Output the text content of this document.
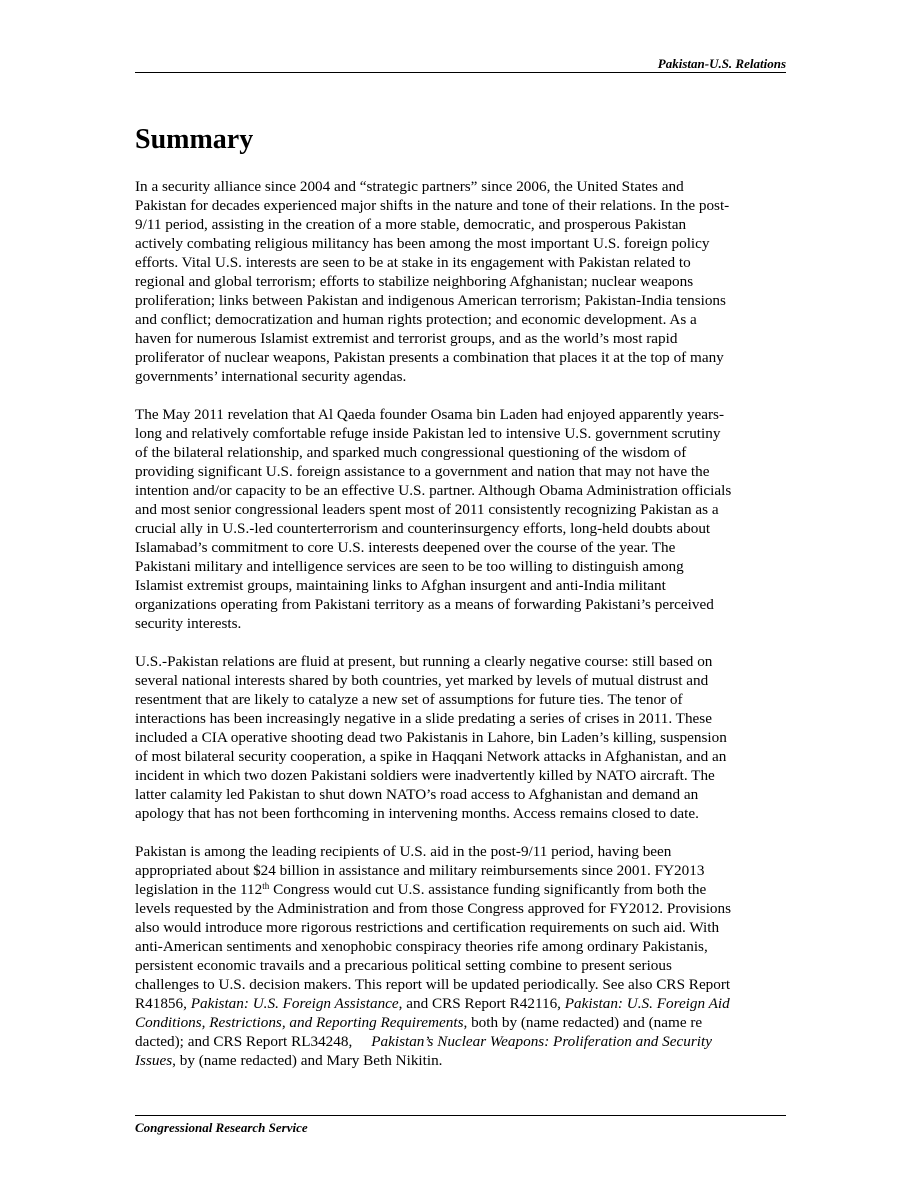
Pakistan-U.S. Relations
Summary

In a security alliance since 2004 and “strategic partners” since 2006, the United States and
Pakistan for decades experienced major shifts in the nature and tone of their relations. In the post-
9/11 period, assisting in the creation of a more stable, democratic, and prosperous Pakistan
actively combating religious militancy has been among the most important U.S. foreign policy
efforts. Vital U.S. interests are seen to be at stake in its engagement with Pakistan related to
regional and global terrorism; efforts to stabilize neighboring Afghanistan; nuclear weapons
proliferation; links between Pakistan and indigenous American terrorism; Pakistan-India tensions
and conflict; democratization and human rights protection; and economic development. As a
haven for numerous Islamist extremist and terrorist groups, and as the world’s most rapid
proliferator of nuclear weapons, Pakistan presents a combination that places it at the top of many
governments’ international security agendas.

The May 2011 revelation that Al Qaeda founder Osama bin Laden had enjoyed apparently years-
long and relatively comfortable refuge inside Pakistan led to intensive U.S. government scrutiny
of the bilateral relationship, and sparked much congressional questioning of the wisdom of
providing significant U.S. foreign assistance to a government and nation that may not have the
intention and/or capacity to be an effective U.S. partner. Although Obama Administration officials
and most senior congressional leaders spent most of 2011 consistently recognizing Pakistan as a
crucial ally in U.S.-led counterterrorism and counterinsurgency efforts, long-held doubts about
Islamabad’s commitment to core U.S. interests deepened over the course of the year. The
Pakistani military and intelligence services are seen to be too willing to distinguish among
Islamist extremist groups, maintaining links to Afghan insurgent and anti-India militant
organizations operating from Pakistani territory as a means of forwarding Pakistani’s perceived
security interests.

U.S.-Pakistan relations are fluid at present, but running a clearly negative course: still based on
several national interests shared by both countries, yet marked by levels of mutual distrust and
resentment that are likely to catalyze a new set of assumptions for future ties. The tenor of
interactions has been increasingly negative in a slide predating a series of crises in 2011. These
included a CIA operative shooting dead two Pakistanis in Lahore, bin Laden’s killing, suspension
of most bilateral security cooperation, a spike in Haqqani Network attacks in Afghanistan, and an
incident in which two dozen Pakistani soldiers were inadvertently killed by NATO aircraft. The
latter calamity led Pakistan to shut down NATO’s road access to Afghanistan and demand an
apology that has not been forthcoming in intervening months. Access remains closed to date.

Pakistan is among the leading recipients of U.S. aid in the post-9/11 period, having been
appropriated about $24 billion in assistance and military reimbursements since 2001. FY2013
legislation in the 112th Congress would cut U.S. assistance funding significantly from both the
levels requested by the Administration and from those Congress approved for FY2012. Provisions
also would introduce more rigorous restrictions and certification requirements on such aid. With
anti-American sentiments and xenophobic conspiracy theories rife among ordinary Pakistanis,
persistent economic travails and a precarious political setting combine to present serious
challenges to U.S. decision makers. This report will be updated periodically. See also CRS Report
R41856, Pakistan: U.S. Foreign Assistance, and CRS Report R42116, Pakistan: U.S. Foreign Aid
Conditions, Restrictions, and Reporting Requirements, both by (name redacted) and (name re
dacted); and CRS Report RL34248,     Pakistan’s Nuclear Weapons: Proliferation and Security
Issues, by (name redacted) and Mary Beth Nikitin.

Congressional Research Service
